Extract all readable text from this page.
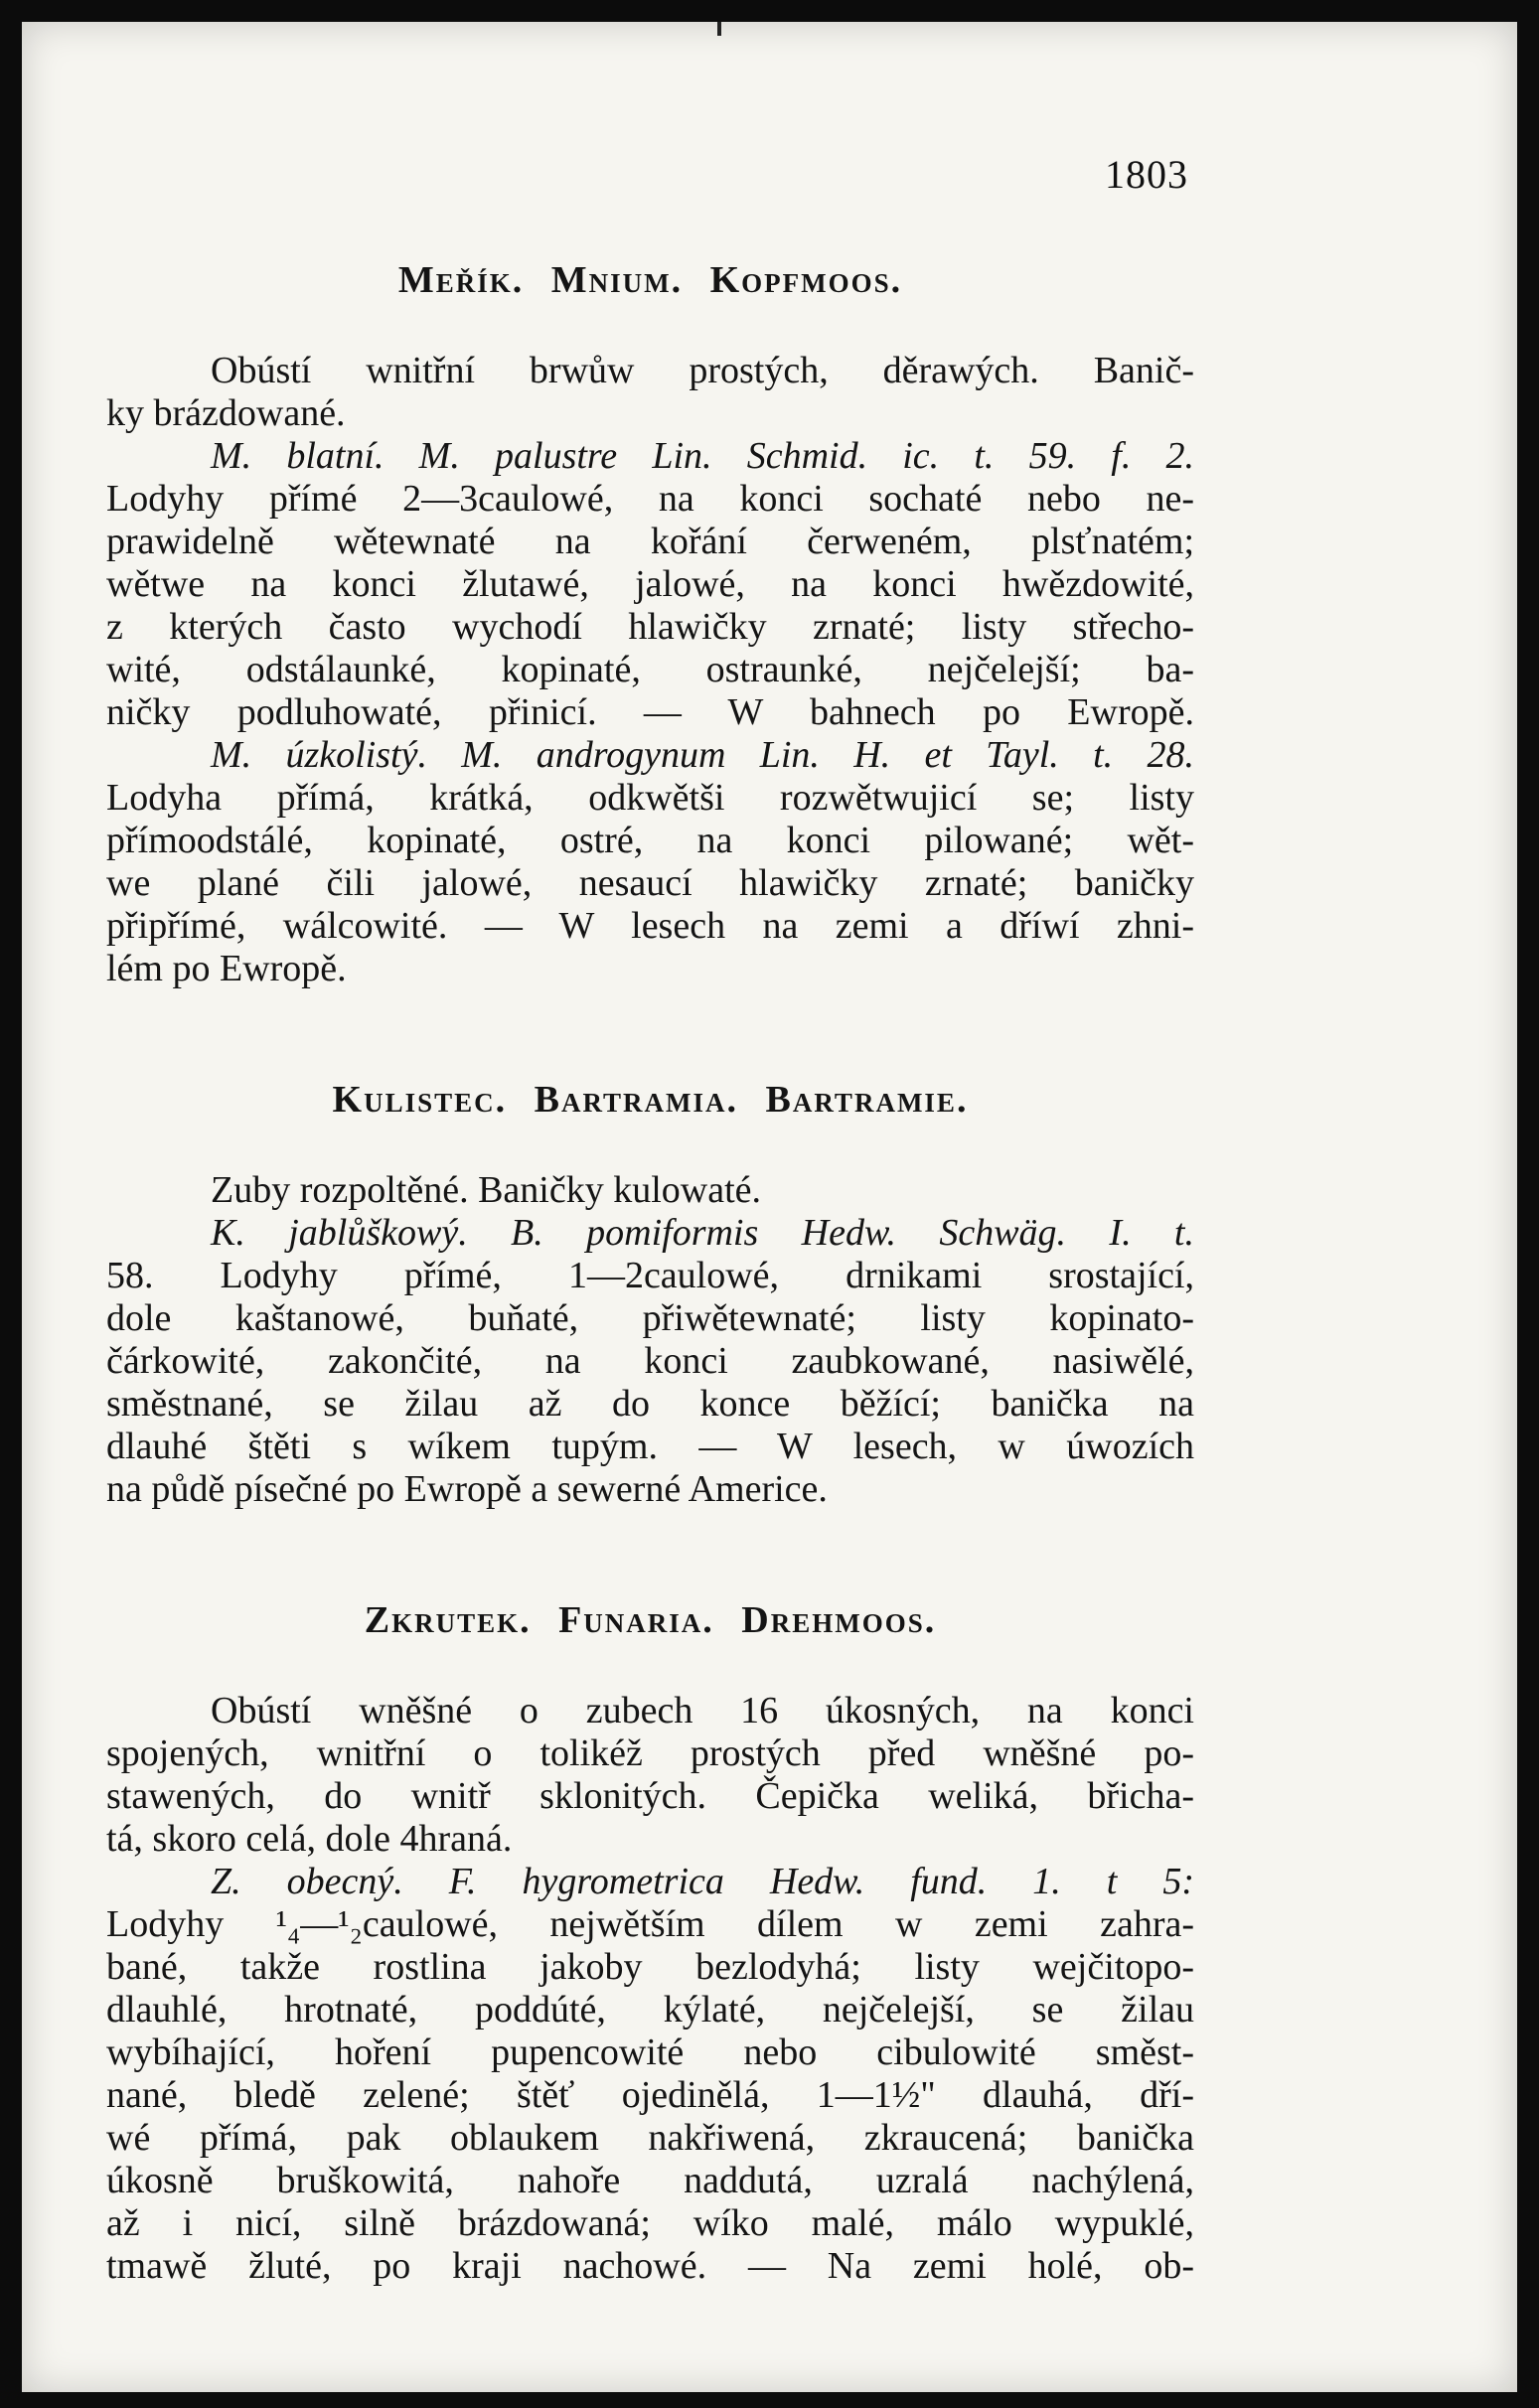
1803
Meřík. Mnium. Kopfmoos.
Obústí wnitřní brwůw prostých, děrawých. Banič-
ky brázdowané.
M. blatní. M. palustre Lin. Schmid. ic. t. 59. f. 2.
Lodyhy přímé 2—3caulowé, na konci sochaté nebo ne-
prawidelně wětewnaté na kořání čerweném, plsťnatém;
wětwe na konci žlutawé, jalowé, na konci hwězdowité,
z kterých často wychodí hlawičky zrnaté; listy střecho-
wité, odstálaunké, kopinaté, ostraunké, nejčelejší; ba-
ničky podluhowaté, přinicí. — W bahnech po Ewropě.
M. úzkolistý. M. androgynum Lin. H. et Tayl. t. 28.
Lodyha přímá, krátká, odkwětši rozwětwujicí se; listy
přímoodstálé, kopinaté, ostré, na konci pilowané; wět-
we plané čili jalowé, nesaucí hlawičky zrnaté; baničky
připřímé, wálcowité. — W lesech na zemi a dříwí zhni-
lém po Ewropě.
Kulistec. Bartramia. Bartramie.
Zuby rozpoltěné. Baničky kulowaté.
K. jablůškowý. B. pomiformis Hedw. Schwäg. I. t.
58. Lodyhy přímé, 1—2caulowé, drnikami srostající,
dole kaštanowé, buňaté, přiwětewnaté; listy kopinato-
čárkowité, zakončité, na konci zaubkowané, nasiwělé,
směstnané, se žilau až do konce běžící; banička na
dlauhé štěti s wíkem tupým. — W lesech, w úwozích
na půdě písečné po Ewropě a sewerné Americe.
Zkrutek. Funaria. Drehmoos.
Obústí wněšné o zubech 16 úkosných, na konci
spojených, wnitřní o tolikéž prostých před wněšné po-
stawených, do wnitř sklonitých. Čepička weliká, břicha-
tá, skoro celá, dole 4hraná.
Z. obecný. F. hygrometrica Hedw. fund. 1. t 5:
Lodyhy ¹₄—¹₂caulowé, nejwětším dílem w zemi zahra-
bané, takže rostlina jakoby bezlodyhá; listy wejčitopo-
dlauhlé, hrotnaté, poddúté, kýlaté, nejčelejší, se žilau
wybíhající, hoření pupencowité nebo cibulowité směst-
nané, bledě zelené; štěť ojedinělá, 1—1½" dlauhá, dří-
wé přímá, pak oblaukem nakřiwená, zkraucená; banička
úkosně bruškowitá, nahoře naddutá, uzralá nachýlená,
až i nicí, silně brázdowaná; wíko malé, málo wypuklé,
tmawě žluté, po kraji nachowé. — Na zemi holé, ob-
